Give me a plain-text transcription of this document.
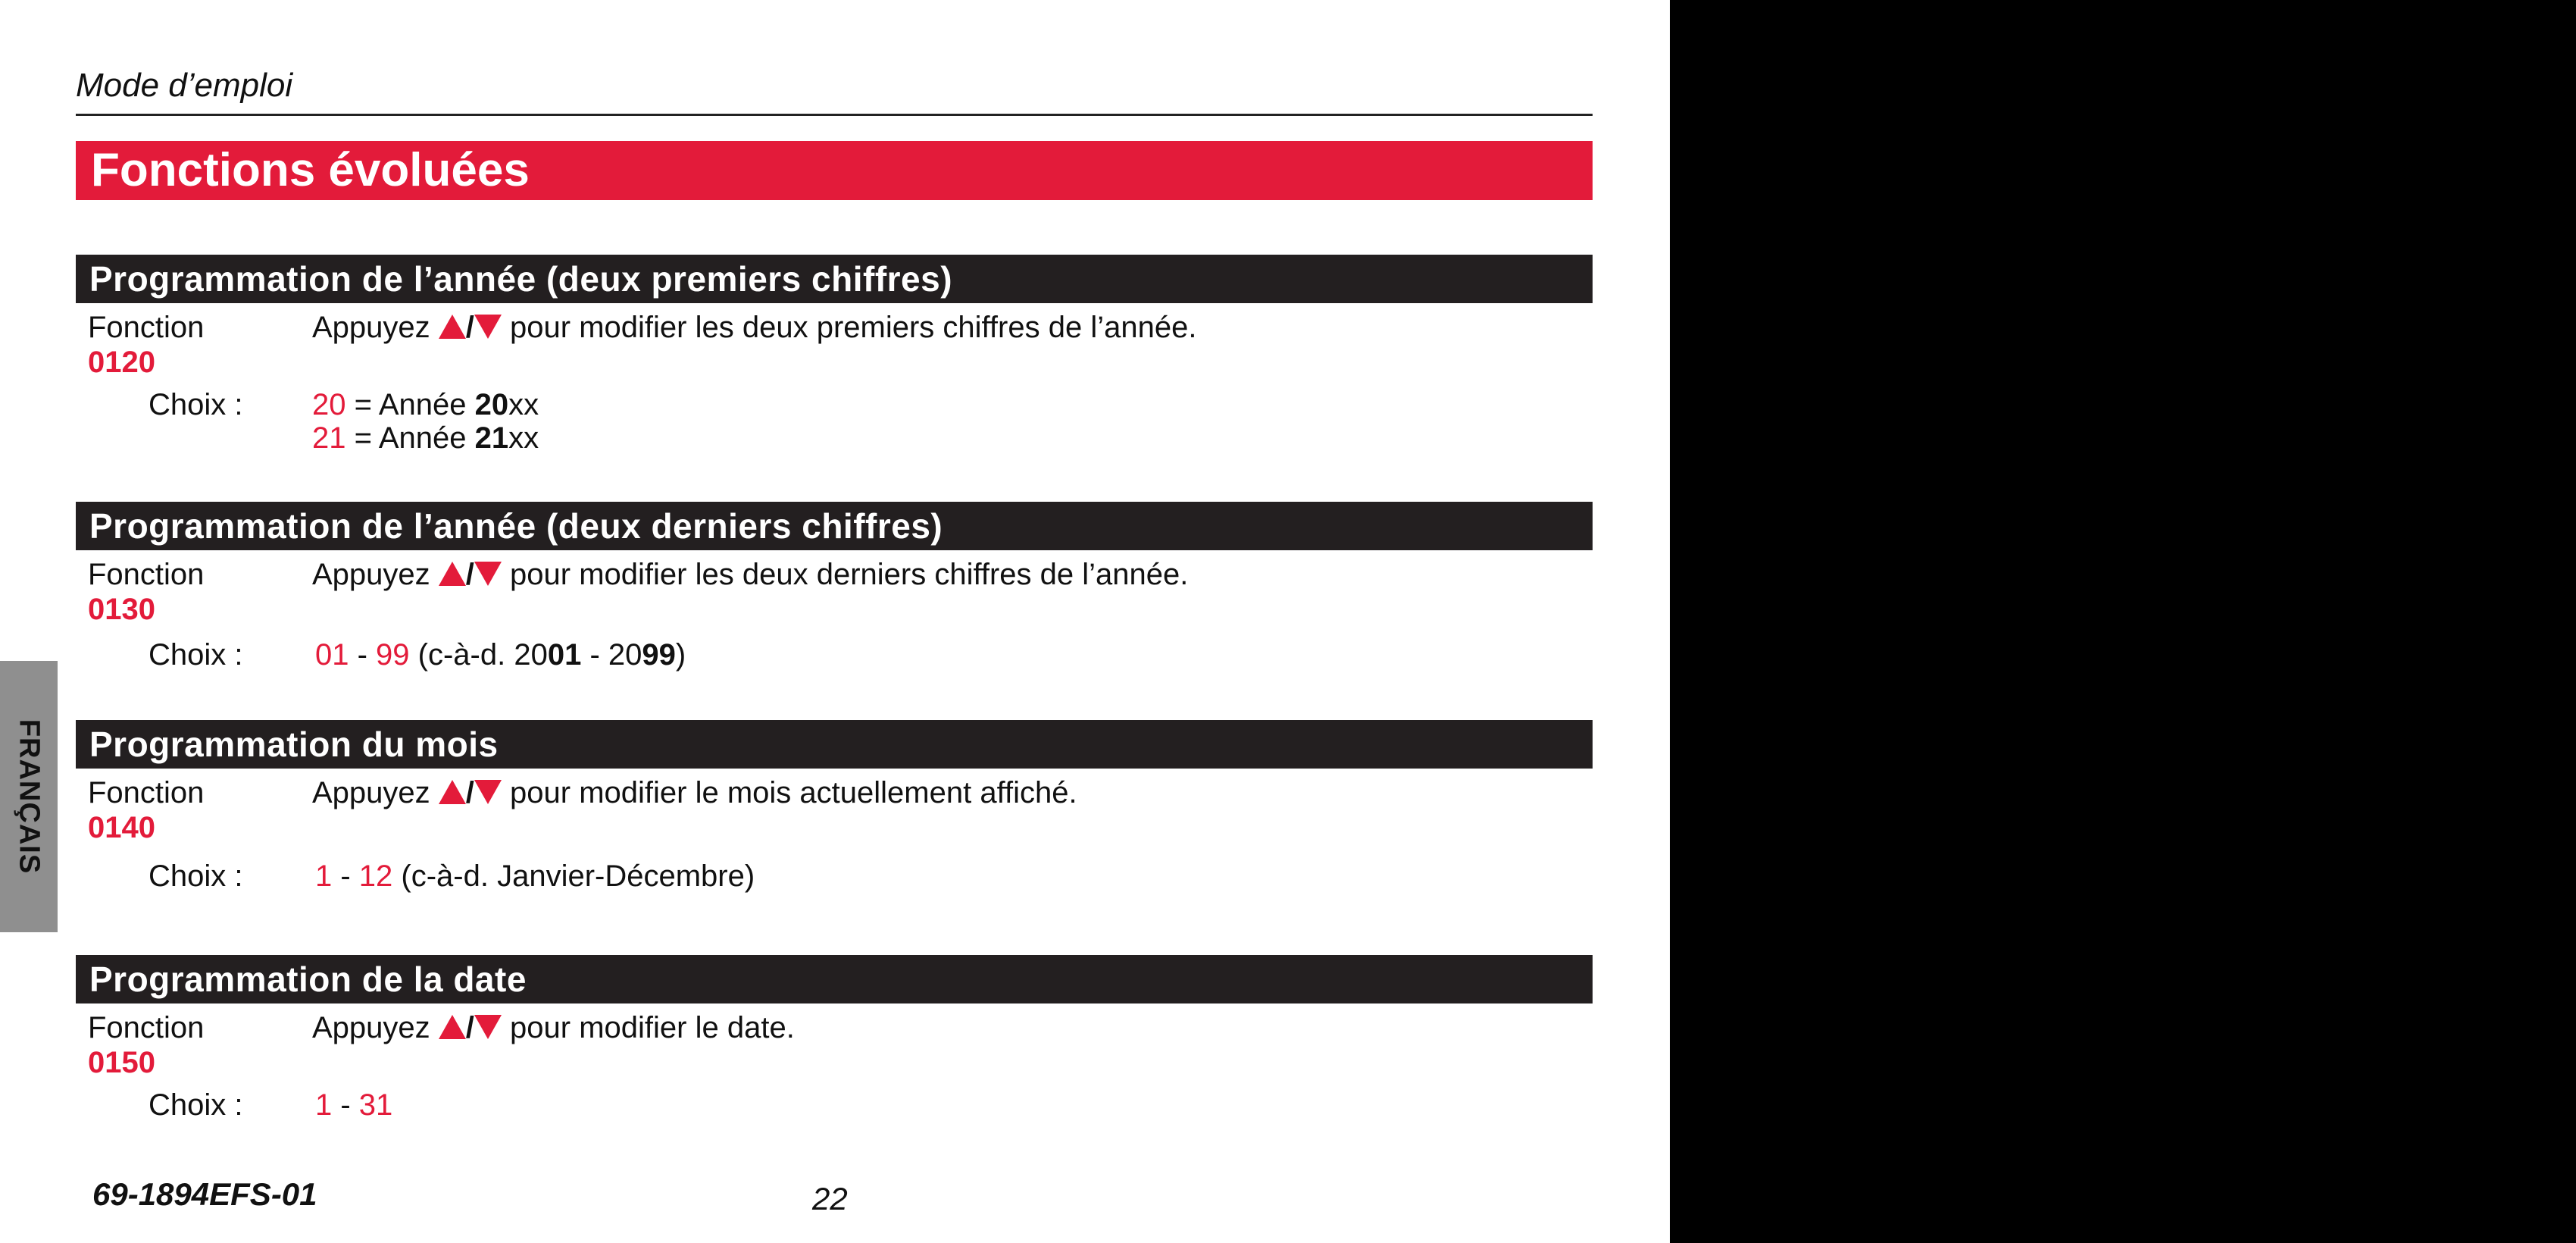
Mode d’emploi
Fonctions évoluées
FRANÇAIS
Programmation de l’année (deux premiers chiffres)
Fonction
0120
Appuyez / pour modifier les deux premiers chiffres de l’année.
Choix : 20 = Année 20xx
21 = Année 21xx
Programmation de l’année (deux derniers chiffres)
Fonction
0130
Appuyez / pour modifier les deux derniers chiffres de l’année.
Choix : 01 - 99 (c-à-d. 2001 - 2099)
Programmation du mois
Fonction
0140
Appuyez / pour modifier le mois actuellement affiché.
Choix : 1 - 12 (c-à-d. Janvier-Décembre)
Programmation de la date
Fonction
0150
Appuyez / pour modifier le date.
Choix : 1 - 31
69-1894EFS-01	22
